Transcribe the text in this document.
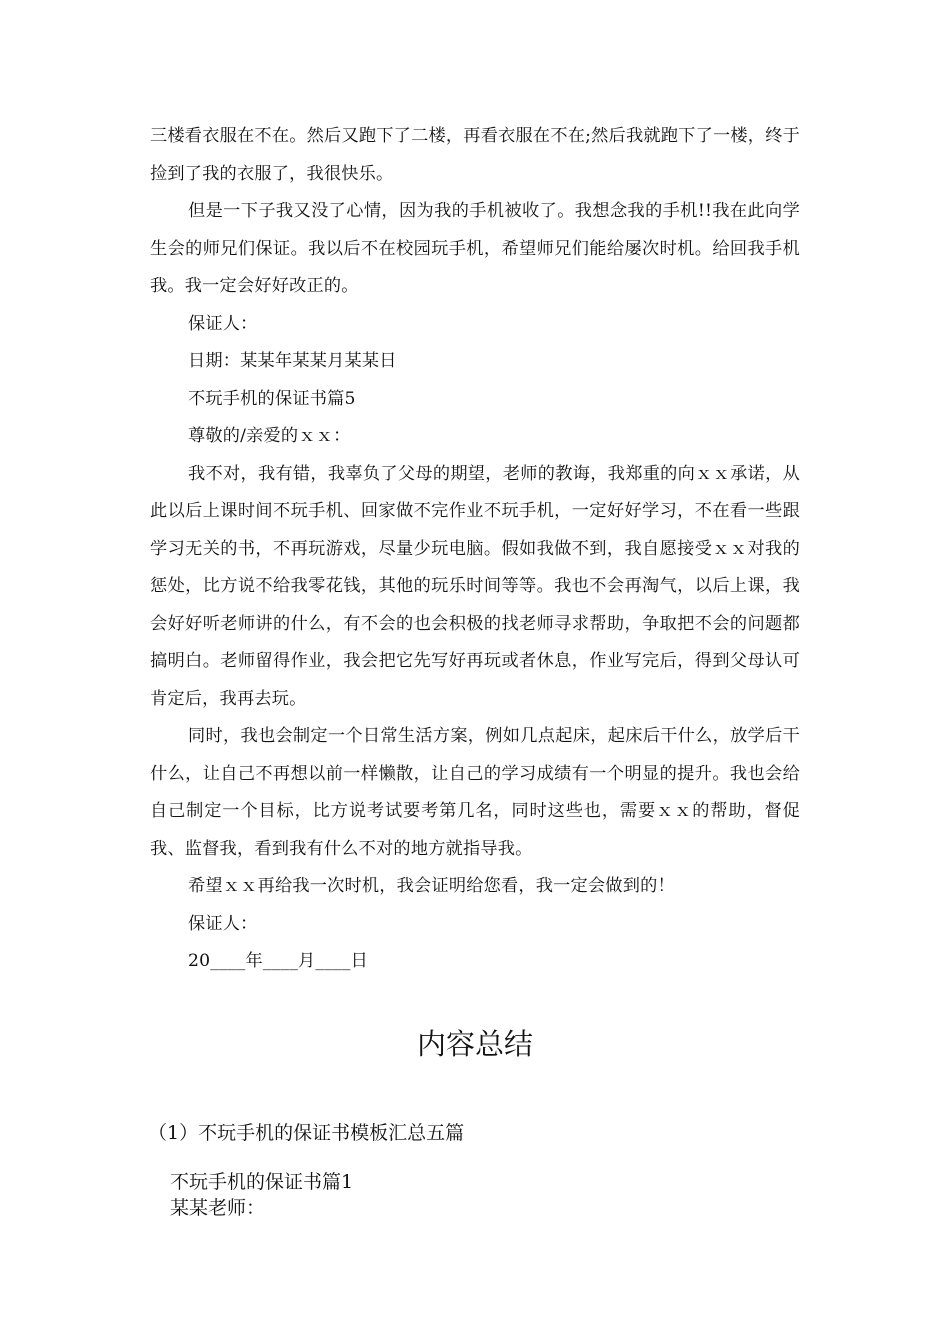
三楼看衣服在不在。然后又跑下了二楼，再看衣服在不在;然后我就跑下了一楼，终于捡到了我的衣服了，我很快乐。

但是一下子我又没了心情，因为我的手机被收了。我想念我的手机!!我在此向学生会的师兄们保证。我以后不在校园玩手机，希望师兄们能给屡次时机。给回我手机我。我一定会好好改正的。

保证人：

日期：某某年某某月某某日

不玩手机的保证书篇5

尊敬的/亲爱的ｘｘ：

我不对，我有错，我辜负了父母的期望，老师的教诲，我郑重的向ｘｘ承诺，从此以后上课时间不玩手机、回家做不完作业不玩手机，一定好好学习，不在看一些跟学习无关的书，不再玩游戏，尽量少玩电脑。假如我做不到，我自愿接受ｘｘ对我的惩处，比方说不给我零花钱，其他的玩乐时间等等。我也不会再淘气，以后上课，我会好好听老师讲的什么，有不会的也会积极的找老师寻求帮助，争取把不会的问题都搞明白。老师留得作业，我会把它先写好再玩或者休息，作业写完后，得到父母认可肯定后，我再去玩。

同时，我也会制定一个日常生活方案，例如几点起床，起床后干什么，放学后干什么，让自己不再想以前一样懒散，让自己的学习成绩有一个明显的提升。我也会给自己制定一个目标，比方说考试要考第几名，同时这些也，需要ｘｘ的帮助，督促我、监督我，看到我有什么不对的地方就指导我。

希望ｘｘ再给我一次时机，我会证明给您看，我一定会做到的！

保证人：

20____年____月____日

内容总结
（1）不玩手机的保证书模板汇总五篇

不玩手机的保证书篇1

某某老师：
